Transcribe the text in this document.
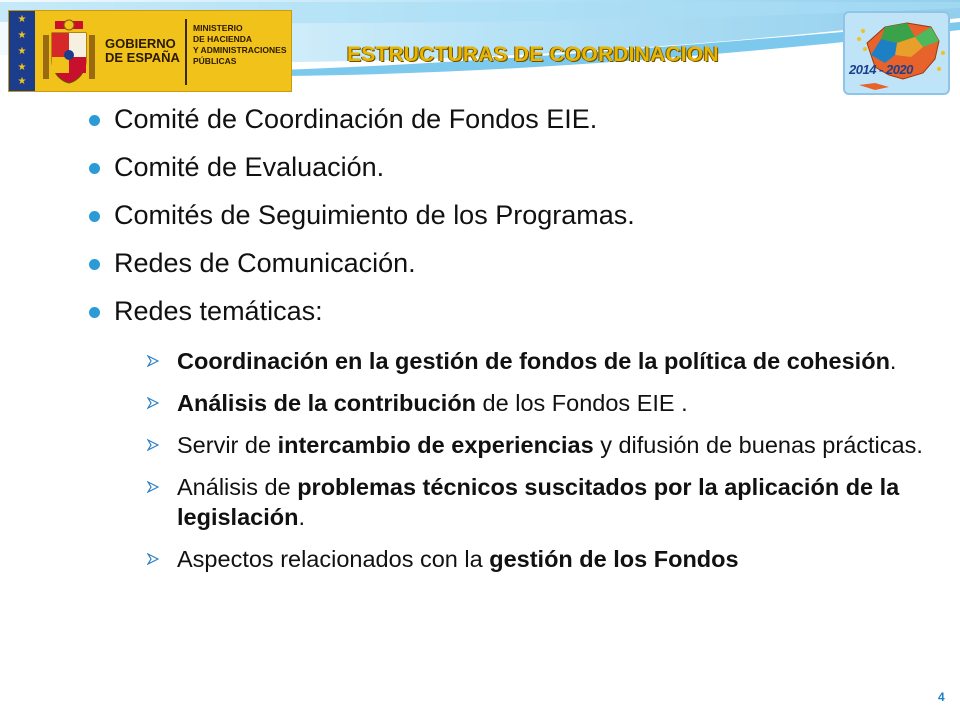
★
★
★
★
★
GOBIERNO
DE ESPAÑA
MINISTERIO
DE HACIENDA
Y ADMINISTRACIONES
PÚBLICAS	ESTRUCTURAS DE COORDINACION
2014 - 2020
Comité de Coordinación de Fondos EIE.
Comité de Evaluación.
Comités de Seguimiento de los Programas.
Redes de Comunicación.
Redes temáticas:
Coordinación en la gestión de fondos de la política de cohesión.
Análisis de la contribución de los Fondos EIE .
Servir de intercambio de experiencias y difusión de buenas prácticas.
Análisis de problemas técnicos suscitados por la aplicación de la legislación.
Aspectos relacionados con la gestión de los Fondos
4
